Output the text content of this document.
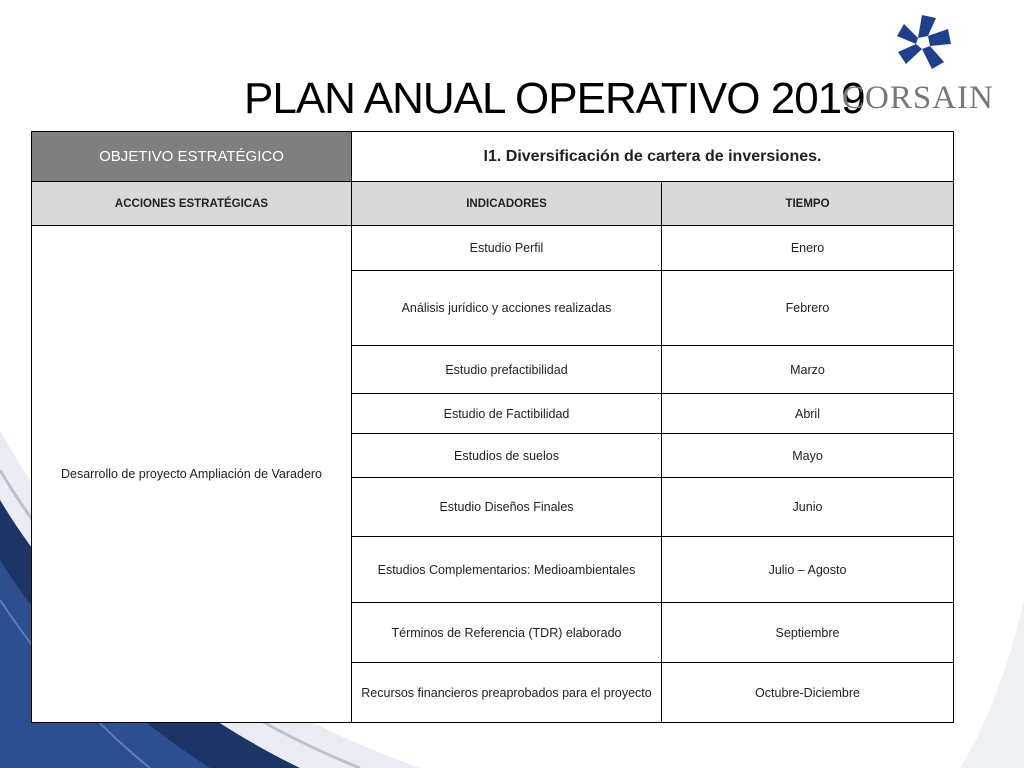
PLAN ANUAL OPERATIVO 2019
CORSAIN
OBJETIVO ESTRATÉGICO	I1. Diversificación de cartera de inversiones.	
ACCIONES ESTRATÉGICAS	INDICADORES	TIEMPO
Desarrollo de proyecto Ampliación de Varadero	Estudio Perfil	Enero
	Análisis jurídico y acciones realizadas	Febrero
	Estudio prefactibilidad	Marzo
	Estudio de Factibilidad	Abril
	Estudios de suelos	Mayo
	Estudio Diseños Finales	Junio
	Estudios Complementarios: Medioambientales	Julio – Agosto
	Términos de Referencia (TDR) elaborado	Septiembre
	Recursos financieros preaprobados para el proyecto	Octubre-Diciembre
